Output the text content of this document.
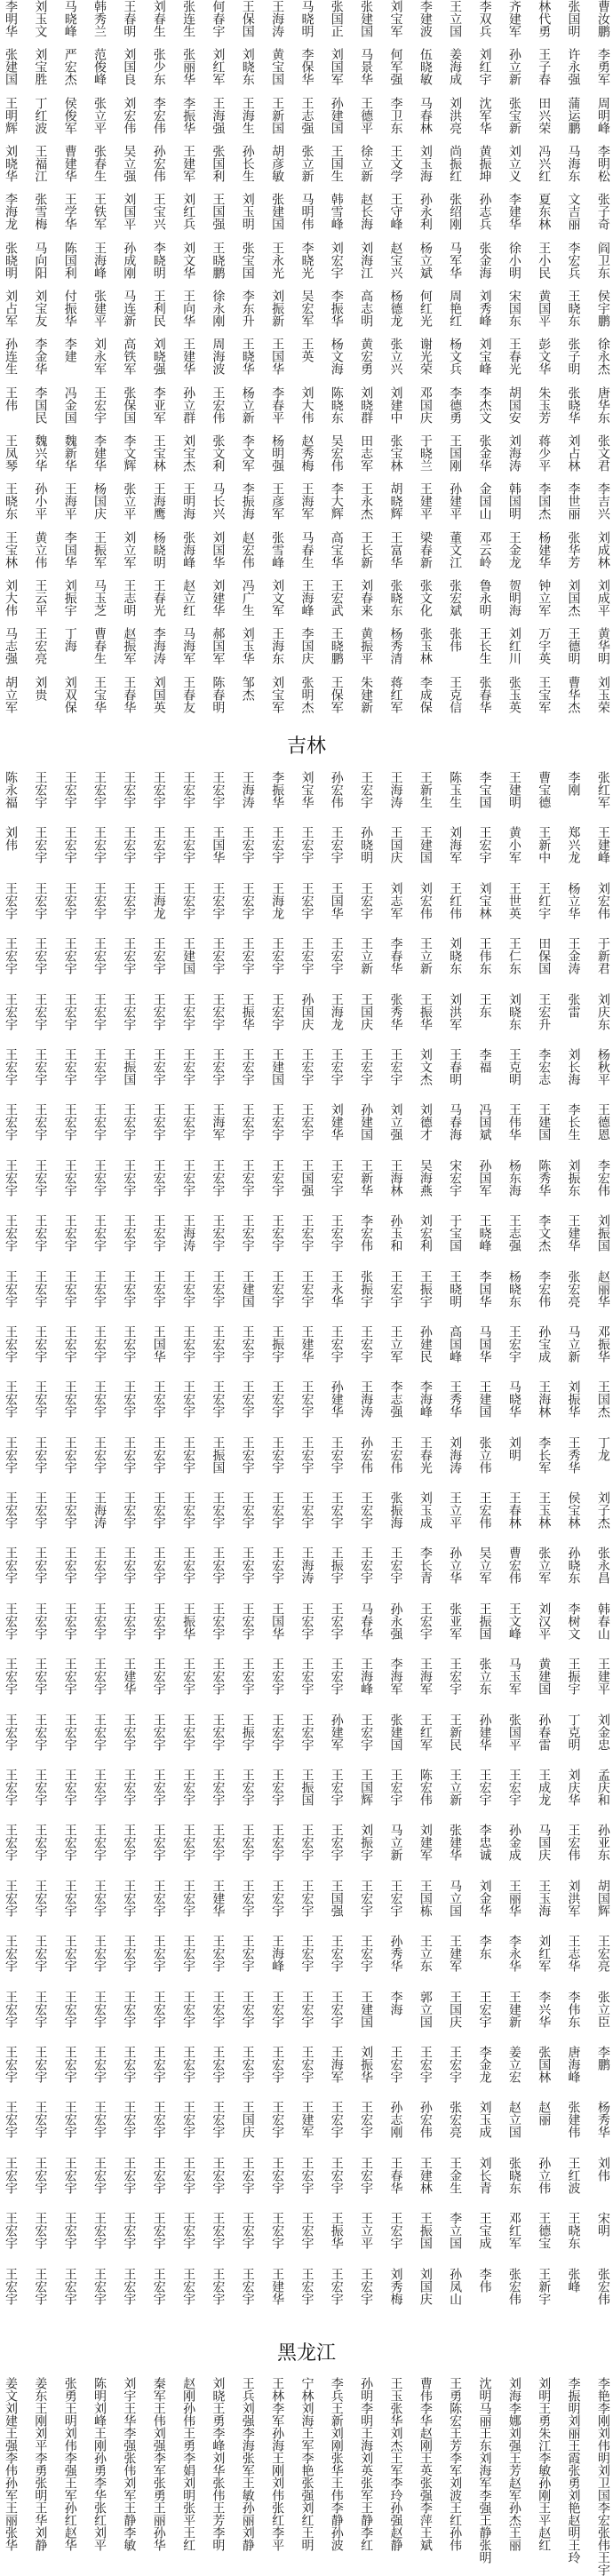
曹汝鹏
李勇军
周明峰
李明松
张子奇
阎卫东
侯宇鹏
徐永杰
唐华东
张文君
李吉兴
刘成林
刘成平
黄华明
刘玉荣
张国明
许永强
蒲运鹏
马海东
文吉丽
李宏兵
王晓东
张子明
张晓华
刘占林
李世丽
张华芳
刘国杰
王德明
曹华杰
林代勇
王子春
田兴荣
冯兴红
夏东林
王小民
黄国平
彭文华
朱玉芳
蒋少平
李国杰
杨建华
钟立军
万宇英
王宝军
齐建军
孙立新
张宝新
刘立义
李建华
徐小明
宋国东
王春光
胡国安
刘海涛
韩国明
王金龙
贺明海
刘红川
张玉英
李双兵
刘红宇
沈军华
黄振坤
孙志兵
张金海
刘秀峰
刘宝峰
李杰文
张金华
金国山
邓云岭
鲁永明
王长生
张春华
王立国
姜海成
刘洪亮
尚振红
张绍刚
马军华
周艳红
杨文兵
李德勇
王国刚
孙建平
董文江
张宏斌
张伟
王克信
李建波
伍晓敏
马春林
刘玉海
孙永利
杨立斌
何红光
谢光荣
邓国庆
于晓兰
王建平
梁春新
张文化
张玉林
李成保
刘宝军
何军强
李卫东
王文学
王守峰
赵宝兴
杨德龙
张立兴
刘建中
张宝林
胡晓辉
王富华
张晓东
杨秀清
蒋红军
张建国
马景华
王德平
徐立新
赵长海
刘海江
高志明
黄宏勇
刘晓群
田志军
王永杰
王长新
刘春来
黄振平
朱建新
张国正
刘国军
孙建国
王国生
韩雪峰
刘宏宇
李振华
杨文海
陈晓东
吴宏伟
李大辉
高宝华
王宏武
王晓鹏
王保军
马晓明
李保华
王志强
张立新
马明伟
李晓光
吴宏军
王英
刘大伟
赵秀梅
王海军
马春生
王海峰
李国庆
张明杰
王海涛
黄宝国
王新国
胡彦敏
张建国
王永光
刘振新
王国华
李春平
杨明强
王彦军
张雪峰
刘文军
王海东
刘宝军
王保国
刘晓东
王海生
孙长生
刘玉明
张宝国
李东升
王晓华
杨立新
李文军
李振海
赵宏伟
冯广生
刘玉华
邹杰
何春宇
刘红军
王海强
张国利
王国强
王晓鹏
徐永刚
周海波
王宏伟
张文利
马长兴
刘国华
刘建华
郝国军
陈春明
张连生
张丽华
李振华
王建军
刘红兵
刘文华
王向华
王建华
孙立群
刘宝杰
王明海
张海峰
赵立红
马海军
王春友
刘春生
张少东
李宏伟
孙宏伟
王宝兴
李晓明
王利民
刘晓强
李亚军
王宝林
王海鹰
杨晓明
王春光
李海涛
刘国英
王春明
刘国良
刘宏伟
吴立强
刘国平
孙成刚
马连新
高铁军
张保国
李文辉
张立平
刘立军
王志明
赵振军
王春华
韩秀兰
范俊峰
张立平
张春生
王铁军
王海峰
张建平
刘永军
王宏宇
李建华
杨国庆
王振军
马玉芝
曹春生
王宝华
马晓峰
严宏杰
侯俊军
曹建华
王学华
陈国利
付振华
李建
冯金国
魏新华
王海平
李国华
刘振宇
丁海
刘双保
刘玉文
刘宝胜
丁红波
王福江
张雪梅
马向阳
刘宝友
李金华
李国民
魏兴华
孙小平
黄立伟
王云平
王宏亮
刘贵
李明华
张建国
王明辉
刘晓华
李海龙
张晓明
刘占军
孙连生
王伟
王凤琴
王晓东
王宝林
刘大伟
马志强
胡立军
吉林
张红军
王建峰
刘宏伟
于新君
刘庆东
杨秋平
王德恩
李宏伟
刘振国
赵丽华
邓振华
王国杰
丁龙
刘子杰
张永昌
韩春山
王建平
刘金忠
孟庆和
孙亚东
胡国辉
王宏亮
张立臣
李鹏
杨秀华
刘伟
宋明
张宏伟
李刚
郑兴龙
杨立华
王金涛
张雷
刘长海
李长生
刘振东
王建华
张宏亮
马立新
刘振华
王秀华
侯宝林
孙晓东
李树文
王振宇
丁克明
刘庆华
王宏伟
刘洪军
王志华
李伟东
唐海峰
张建伟
王红波
王晓东
张峰
曹宝德
王新中
王红宇
田保国
王宏升
李宏志
王建国
陈秀华
李文杰
李宏伟
孙宝成
王海林
李长军
王玉林
张立军
刘汉平
黄建国
孙春雷
王成龙
马国庆
王玉海
刘红军
李兴华
张国林
赵丽
孙立伟
王德宝
王新宇
王建明
黄小军
王世英
王仁东
刘晓东
王克明
王伟华
杨东海
王志强
杨晓东
王宏宇
马晓华
刘明
王春林
曹宏伟
王文峰
马玉军
张国平
王宏宇
孙金成
王丽华
李永华
王建新
姜立宏
赵立国
张晓东
邓红军
张宏伟
李宝国
王宏宇
刘宝林
王伟东
王东
李福
冯国斌
孙国军
王晓峰
李国华
马国华
王建国
张立伟
王宏伟
吴立军
王振国
张立东
孙建华
王宏宇
李忠诚
刘金华
李东
王宏宇
李金龙
刘玉成
刘长青
王宝成
李伟
陈玉生
刘海军
王红伟
刘晓东
刘洪军
王春明
马春海
宋宏宇
于宝国
王晓明
高国峰
王秀华
刘海涛
王立平
孙立华
张亚军
王宏宇
王新民
王立新
张建华
马立国
王建军
王国庆
王宏宇
张宏亮
王金生
李立国
孙凤山
王新生
王建国
刘宏伟
王立新
王振华
刘文杰
刘德才
吴海燕
刘宏利
王振宇
孙建民
李海峰
王春光
刘玉成
李长青
王宏宇
王海军
王红军
陈宏伟
刘建军
王国栋
王立东
郭立国
王宏宇
孙宏伟
王建林
王振国
刘国庆
王海涛
王国庆
刘志军
李春华
张秀华
王宏宇
刘立强
王海林
孙玉和
王宏宇
王立军
李志强
王宏伟
张振海
王宏宇
孙永强
李海军
张建国
王宏宇
马立新
王宏宇
孙秀华
李海
王宏宇
孙志刚
王春华
王宏宇
刘秀梅
王宏宇
孙晓明
王宏宇
王立新
王国庆
王宏宇
孙建国
王新华
李宏伟
张振宇
王宏宇
王海涛
孙宏伟
王宏宇
王宏宇
马春华
王海峰
王宏宇
王国辉
刘振宇
王宏宇
王宏宇
王建国
刘振华
王宏宇
王宏宇
王立平
王宏宇
孙宏伟
王宏宇
王国华
王宏宇
王海龙
王宏宇
刘建华
王宏宇
王宏宇
王永华
王宏宇
孙建华
王宏宇
王宏宇
王振宇
王宏宇
王宏宇
孙建军
王宏宇
王宏宇
王国强
王宏宇
王宏宇
王海军
王宏宇
王宏宇
王振华
王宏宇
刘宝华
王宏宇
王宏宇
王宏宇
孙国庆
王宏宇
王宏宇
王国强
王宏宇
王宏宇
王建华
王宏宇
王宏宇
王宏宇
王海涛
王宏宇
王宏宇
王宏宇
王振国
王宏宇
王宏宇
王宏宇
王宏宇
王宏宇
王建军
王宏宇
王宏宇
王宏宇
李振华
王宏宇
王海龙
王宏宇
王宏宇
王建国
王宏宇
王宏宇
王宏宇
王宏宇
王振宇
王宏宇
王宏宇
王宏宇
王宏宇
王国华
王宏宇
王宏宇
王宏宇
王宏宇
王宏宇
王海峰
王宏宇
王宏宇
王宏宇
王宏宇
王宏宇
王建华
王海涛
王宏宇
王宏宇
王宏宇
王振华
王宏宇
王宏宇
王宏宇
王宏宇
王建国
王宏宇
王宏宇
王宏宇
王宏宇
王宏宇
王宏宇
王宏宇
王振宇
王宏宇
王宏宇
王宏宇
王宏宇
王宏宇
王宏宇
王国庆
王宏宇
王宏宇
王宏宇
王宏宇
王国华
王宏宇
王宏宇
王宏宇
王宏宇
王海军
王宏宇
王宏宇
王宏宇
王宏宇
王宏宇
王振国
王宏宇
王宏宇
王宏宇
王宏宇
王宏宇
王宏宇
王宏宇
王建华
王宏宇
王宏宇
王宏宇
王宏宇
王宏宇
王宏宇
王宏宇
王宏宇
王宏宇
王宏宇
王建国
王宏宇
王宏宇
王宏宇
王宏宇
王海涛
王宏宇
王宏宇
王宏宇
王宏宇
王宏宇
王宏宇
王振华
王宏宇
王宏宇
王宏宇
王宏宇
王宏宇
王宏宇
王宏宇
王宏宇
王宏宇
王宏宇
王宏宇
王宏宇
王宏宇
王宏宇
王海龙
王宏宇
王宏宇
王宏宇
王宏宇
王宏宇
王宏宇
王宏宇
王国华
王宏宇
王宏宇
王宏宇
王宏宇
王宏宇
王宏宇
王宏宇
王宏宇
王宏宇
王宏宇
王宏宇
王宏宇
王宏宇
王宏宇
王宏宇
王宏宇
王宏宇
王宏宇
王宏宇
王宏宇
王宏宇
王宏宇
王振国
王宏宇
王宏宇
王宏宇
王宏宇
王宏宇
王宏宇
王宏宇
王宏宇
王宏宇
王宏宇
王建华
王宏宇
王宏宇
王宏宇
王宏宇
王宏宇
王宏宇
王宏宇
王宏宇
王宏宇
王宏宇
王宏宇
王宏宇
王宏宇
王宏宇
王宏宇
王宏宇
王宏宇
王宏宇
王宏宇
王宏宇
王宏宇
王宏宇
王宏宇
王宏宇
王海涛
王宏宇
王宏宇
王宏宇
王宏宇
王宏宇
王宏宇
王宏宇
王宏宇
王宏宇
王宏宇
王宏宇
王宏宇
王宏宇
王宏宇
王宏宇
王宏宇
王宏宇
王宏宇
王宏宇
王宏宇
王宏宇
王宏宇
王宏宇
王宏宇
王宏宇
王宏宇
王宏宇
王宏宇
王宏宇
王宏宇
王宏宇
王宏宇
王宏宇
王宏宇
王宏宇
王宏宇
王宏宇
王宏宇
王宏宇
王宏宇
王宏宇
王宏宇
王宏宇
王宏宇
王宏宇
王宏宇
王宏宇
王宏宇
王宏宇
王宏宇
王宏宇
王宏宇
王宏宇
王宏宇
王宏宇
王宏宇
王宏宇
王宏宇
王宏宇
王宏宇
王宏宇
王宏宇
王宏宇
王宏宇
王宏宇
王宏宇
王宏宇
王宏宇
王宏宇
王宏宇
陈永福
刘伟
王宏宇
王宏宇
王宏宇
王宏宇
王宏宇
王宏宇
王宏宇
王宏宇
王宏宇
王宏宇
王宏宇
王宏宇
王宏宇
王宏宇
王宏宇
王宏宇
王宏宇
王宏宇
王宏宇
王宏宇
王宏宇
王宏宇
王宏宇
王宏宇
王宏宇
王宏宇
黑龙江
李艳
李刚
刘伟明
刘卫国
李宏
张伟
王宇
李振明
刘丽
王霞
张勇
刘艳
赵明
王玲
刘明
王勇
朱江
李敏
孙刚
王平
赵红
刘海
李娜
刘强
王芳
赵军
孙杰
王丽
沈明
马丽
王东
刘海军
李强
王静
张明
王勇
陈宏
王芳
李军
刘波
王红
孙伟
曹伟
李华
赵刚
王英
张强
李萍
王斌
王玉
张华
刘杰
王军
李玲
孙强
赵静
孙明
李明
王海
刘英
张军
王静
李红
李兵
王新
刘刚
张华
王伟
李静
孙波
宁林
刘海
王军
李艳
张强
刘红
王明
王林
李军
孙海
王刚
刘伟
张红
李平
王兵
刘强
李海
张军
王敏
孙丽
刘静
刘晓
王勇
李峰
刘华
张伟
王芳
李明
赵刚
孙伟
王勇
李娟
刘明
张平
王红
秦军
王伟
刘强
李军
张勇
王丽
孙华
刘宇
王华
李强
张伟
刘军
王静
李敏
陈明
刘峰
王刚
孙勇
李华
张红
刘平
张勇
王明
刘伟
李强
王军
孙红
赵华
姜东
王刚
刘平
李勇
张明
王华
刘静
姜文
刘建
王强
李伟
孙军
王丽
张华
